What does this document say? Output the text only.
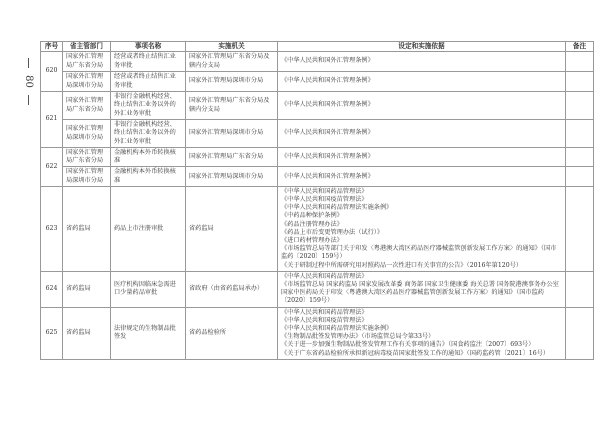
80
序号	省主管部门	事项名称	实施机关	设定和实施依据	备注
620	国家外汇管理局广东省分局	经营或者终止结售汇业务审批	国家外汇管理局广东省分局及辖内分支局	《中华人民共和国外汇管理条例》	
	国家外汇管理局深圳市分局	经营或者终止结售汇业务审批	国家外汇管理局深圳市分局	《中华人民共和国外汇管理条例》	
621	国家外汇管理局广东省分局	非银行金融机构经营、终止结售汇业务以外的外汇业务审批	国家外汇管理局广东省分局及辖内分支局	《中华人民共和国外汇管理条例》	
	国家外汇管理局深圳市分局	非银行金融机构经营、终止结售汇业务以外的外汇业务审批	国家外汇管理局深圳市分局	《中华人民共和国外汇管理条例》	
622	国家外汇管理局广东省分局	金融机构本外币转换核准	国家外汇管理局广东省分局	《中华人民共和国外汇管理条例》	
	国家外汇管理局深圳市分局	金融机构本外币转换核准	国家外汇管理局深圳市分局	《中华人民共和国外汇管理条例》	
623	省药监局	药品上市注册审批	省药监局	
《中华人民共和国药品管理法》
《中华人民共和国疫苗管理法》
《中华人民共和国药品管理法实施条例》
《中药品种保护条例》
《药品注册管理办法》
《药品上市后变更管理办法（试行）》
《进口药材管理办法》
《市场监管总局等部门关于印发〈粤港澳大湾区药品医疗器械监管创新发展工作方案〉的通知》（国市监药〔2020〕159号）
《关于研制过程中所需研究用对照药品一次性进口有关事宜的公告》（2016年第120号）

624	省药监局	医疗机构因临床急需进口少量药品审批	省政府（由省药监局承办）	《中华人民共和国药品管理法》
《市场监管总局 国家药监局 国家发展改革委 商务部 国家卫生健康委 海关总署 国务院港澳事务办公室 国家中医药局关于印发〈粤港澳大湾区药品医疗器械监管创新发展工作方案〉的通知》（国市监药〔2020〕159号）	

625	省药监局	法律规定的生物制品批签发	省药品检验所	
《中华人民共和国药品管理法》
《中华人民共和国疫苗管理法》
《中华人民共和国药品管理法实施条例》
《生物制品批签发管理办法》（市场监管总局令第33号）
《关于进一步加强生物制品批签发管理工作有关事项的通告》（国食药监注〔2007〕693号）
《关于广东省药品检验所承担新冠病毒疫苗国家批签发工作的通知》（国药监药管〔2021〕16号）
